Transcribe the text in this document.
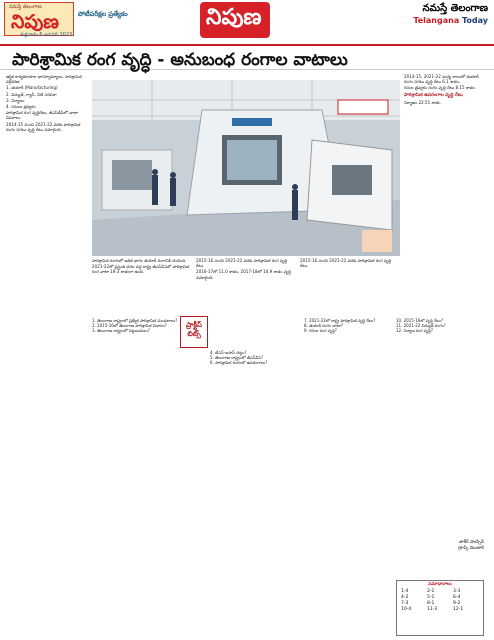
నమస్తే తెలంగాణ
నిపుణ	పోటీపరీక్షల ప్రత్యేకం
శుక్రవారం 6 జనవరి 2023
నిపుణ	నమస్తే తెలంగాణ
Telangana Today
పారిశ్రామిక రంగ వృద్ధి - అనుబంధ రంగాల వాటాలు

ఆర్థిక కార్యకలాపాల భాగస్వామ్యాలు, పారిశ్రామిక వర్గీకరణ:

1. తయారీ (Manufacturing)

2. విద్యుత్, గ్యాస్, నీటి సరఫరా

3. నిర్మాణం

4. గనులు త్రవ్వకం

పారిశ్రామిక రంగ వృద్ధిరేటు, జీఎస్‌డీపీలో వాటా వివరాలు.

2014-15 నుంచి 2021-22 వరకు పారిశ్రామిక రంగం సగటు వృద్ధి రేటు నమోదైంది.

పారిశ్రామిక రంగంలో అధిక భాగం తయారీ రంగానికి చెందింది.

2021-22లో ప్రస్తుత ధరల వద్ద రాష్ట్ర జీఎస్‌వీఏలో పారిశ్రామిక రంగ వాటా 19.3 శాతంగా ఉంది.

2015-16 నుంచి 2021-22 వరకు పారిశ్రామిక రంగ వృద్ధి రేటు.

2016-17లో 11.0 శాతం, 2017-18లో 10.9 శాతం వృద్ధి నమోదైంది.

2015-16 నుంచి 2021-22 వరకు పారిశ్రామిక రంగ వృద్ధి రేటు.

2014-15, 2021-22 మధ్య కాలంలో తయారీ రంగం సగటు వృద్ధి రేటు 6.1 శాతం.

గనుల త్రవ్వకం రంగం వృద్ధి రేటు 8.15 శాతం.

పారిశ్రామిక ఉపరంగాల వృద్ధి రేటు

నిర్మాణం 22.51 శాతం

ప్రాక్టీస్
బిట్స్

1. తెలంగాణ రాష్ట్రంలో ప్రత్యేక పారిశ్రామిక మండలాలు?

2. 2015-16లో తెలంగాణ పారిశ్రామిక విధానం?

3. తెలంగాణ రాష్ట్రంలో పెట్టుబడులు?

4. టీఎస్-ఐపాస్ చట్టం?

5. తెలంగాణ రాష్ట్రంలో జీఎస్‌వీఏ?

6. పారిశ్రామిక రంగంలో ఉపరంగాలు?

7. 2021-22లో రాష్ట్ర పారిశ్రామిక వృద్ధి రేటు?

8. తయారీ రంగం వాటా?

9. గనుల రంగ వృద్ధి?

10. 2015-16లో వృద్ధి రేటు?

11. 2021-22 విద్యుత్ రంగం?

12. నిర్మాణ రంగ వృద్ధి?

జాకీర్ హుస్సేన్
గ్రూప్స్ మెంటార్
సమాధానాలు
1-4	2-1	3-3
4-2	5-1	6-4
7-3	8-1	9-2
10-4	11-3	12-1
